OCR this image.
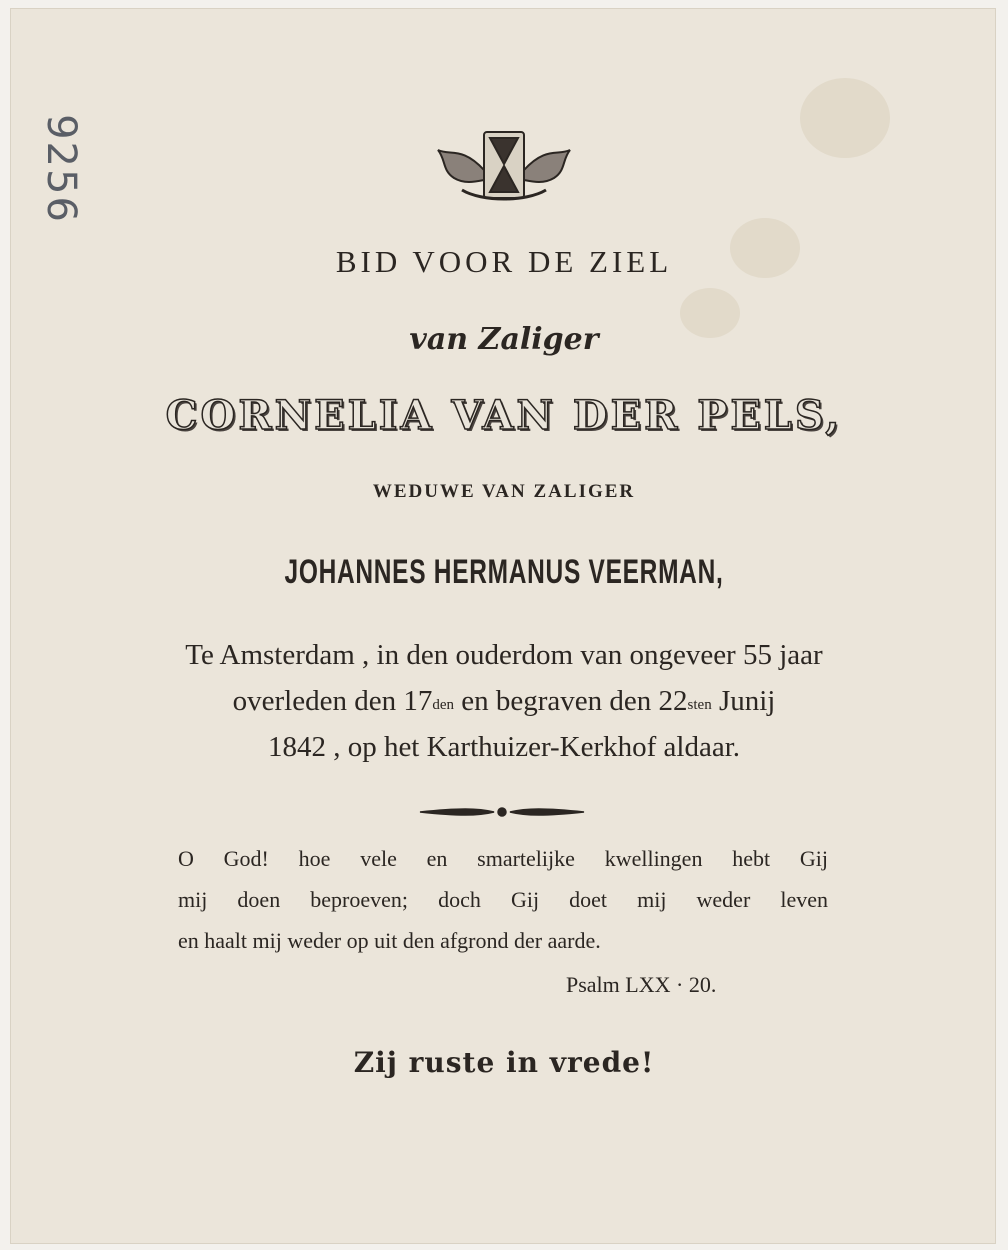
9256
BID VOOR DE ZIEL
van Zaliger
CORNELIA VAN DER PELS,
WEDUWE VAN ZALIGER
JOHANNES HERMANUS VEERMAN,
Te Amsterdam , in den ouderdom van ongeveer 55 jaar
overleden den $17^{den}$ en begraven den $22^{sten}$ Junij
1842 , op het Karthuizer-Kerkhof aldaar.
O God! hoe vele en smartelijke kwellingen hebt Gij
mij doen beproeven; doch Gij doet mij weder leven
en haalt mij weder op uit den afgrond der aarde.
Psalm LXX · 20.
Zij ruste in vrede!
